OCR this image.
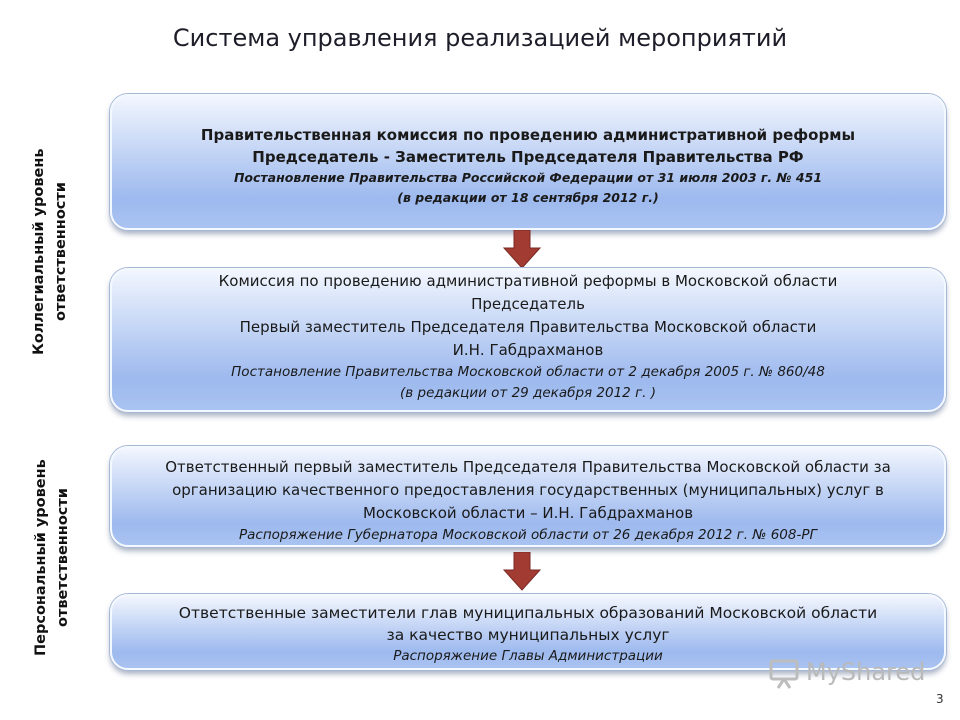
Система управления реализацией мероприятий
Коллегиальный уровень ответственности
Персональный уровень ответственности
Правительственная комиссия по проведению административной реформы
Председатель - Заместитель Председателя Правительства РФ
Постановление Правительства Российской Федерации от 31 июля 2003 г. № 451
(в редакции от 18 сентября 2012 г.)
Комиссия по проведению административной реформы в Московской области
Председатель
Первый заместитель Председателя Правительства Московской области
И.Н. Габдрахманов
Постановление Правительства Московской области от 2 декабря 2005 г. № 860/48
(в редакции от 29 декабря 2012 г. )
Ответственный первый заместитель Председателя Правительства Московской области за
организацию качественного предоставления государственных (муниципальных) услуг в
Московской области – И.Н. Габдрахманов
Распоряжение Губернатора Московской области от 26 декабря 2012 г. № 608-РГ
Ответственные заместители глав муниципальных образований Московской области
за качество муниципальных услуг
Распоряжение Главы Администрации
MyShared
3
